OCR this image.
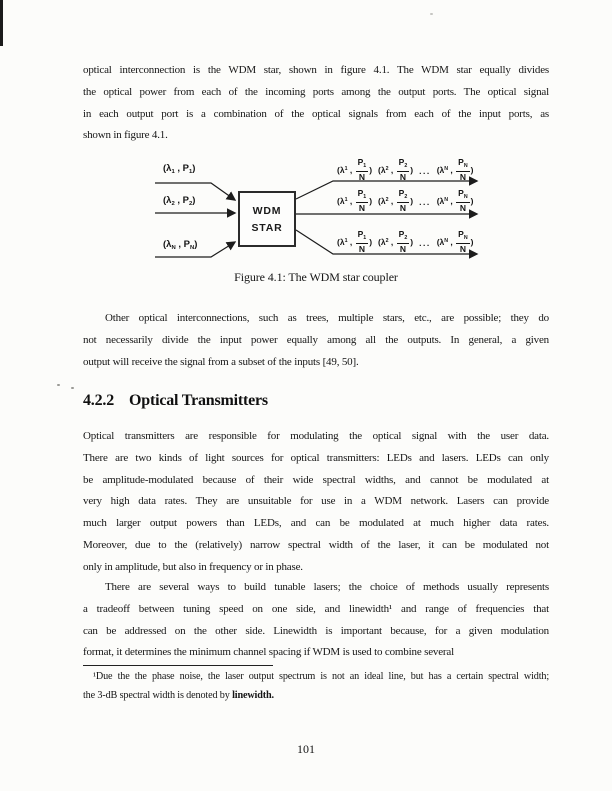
optical interconnection is the WDM star, shown in figure 4.1. The WDM star equally divides
the optical power from each of the incoming ports among the output ports. The optical signal
in each output port is a combination of the optical signals from each of the input ports, as
shown in figure 4.1.
($\lambda_1$ , $P_1$)
($\lambda_2$ , $P_2$)
($\lambda_N$ , $P_N$)
(λ 1 , $\frac{P_1}{N}$ ) (λ 2 , $\frac{P_2}{N}$ ) ... (λ N , $\frac{P_N}{N}$ )
(λ 1 , $\frac{P_1}{N}$ ) (λ 2 , $\frac{P_2}{N}$ ) ... (λ N , $\frac{P_N}{N}$ )
(λ 1 , $\frac{P_1}{N}$ ) (λ 2 , $\frac{P_2}{N}$ ) ... (λ N , $\frac{P_N}{N}$ )
WDM
STAR
Figure 4.1: The WDM star coupler
Other optical interconnections, such as trees, multiple stars, etc., are possible; they do
not necessarily divide the input power equally among all the outputs. In general, a given
output will receive the signal from a subset of the inputs [49, 50].
4.2.2 Optical Transmitters
Optical transmitters are responsible for modulating the optical signal with the user data.
There are two kinds of light sources for optical transmitters: LEDs and lasers. LEDs can only
be amplitude-modulated because of their wide spectral widths, and cannot be modulated at
very high data rates. They are unsuitable for use in a WDM network. Lasers can provide
much larger output powers than LEDs, and can be modulated at much higher data rates.
Moreover, due to the (relatively) narrow spectral width of the laser, it can be modulated not
only in amplitude, but also in frequency or in phase.
There are several ways to build tunable lasers; the choice of methods usually represents
a tradeoff between tuning speed on one side, and linewidth¹ and range of frequencies that
can be addressed on the other side. Linewidth is important because, for a given modulation
format, it determines the minimum channel spacing if WDM is used to combine several
¹Due the the phase noise, the laser output spectrum is not an ideal line, but has a certain spectral width;
the 3-dB spectral width is denoted by linewidth.
101
